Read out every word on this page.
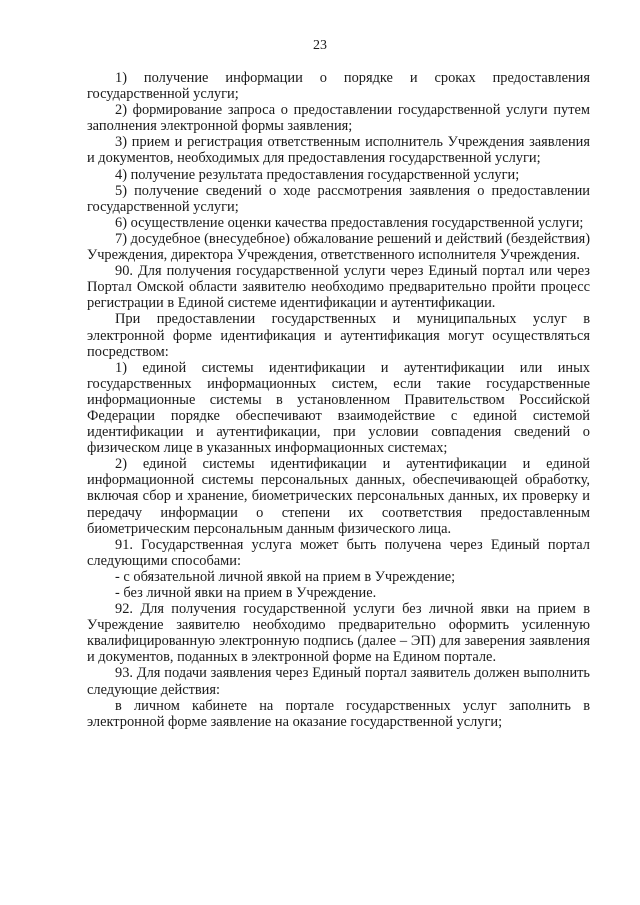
23

1) получение информации о порядке и сроках предоставления государственной услуги;

2) формирование запроса о предоставлении государственной услуги путем заполнения электронной формы заявления;

3) прием и регистрация ответственным исполнитель Учреждения заявления и документов, необходимых для предоставления государственной услуги;

4) получение результата предоставления государственной услуги;

5) получение сведений о ходе рассмотрения заявления о предоставлении государственной услуги;

6) осуществление оценки качества предоставления государственной услуги;

7) досудебное (внесудебное) обжалование решений и действий (бездействия) Учреждения, директора Учреждения, ответственного исполнителя Учреждения.

90. Для получения государственной услуги через Единый портал или через Портал Омской области заявителю необходимо предварительно пройти процесс регистрации в Единой системе идентификации и аутентификации.

При предоставлении государственных и муниципальных услуг в электронной форме идентификация и аутентификация могут осуществляться посредством:

1) единой системы идентификации и аутентификации или иных государственных информационных систем, если такие государственные информационные системы в установленном Правительством Российской Федерации порядке обеспечивают взаимодействие с единой системой идентификации и аутентификации, при условии совпадения сведений о физическом лице в указанных информационных системах;

2) единой системы идентификации и аутентификации и единой информационной системы персональных данных, обеспечивающей обработку, включая сбор и хранение, биометрических персональных данных, их проверку и передачу информации о степени их соответствия предоставленным биометрическим персональным данным физического лица.

91. Государственная услуга может быть получена через Единый портал следующими способами:

- с обязательной личной явкой на прием в Учреждение;

- без личной явки на прием в Учреждение.

92. Для получения государственной услуги без личной явки на прием в Учреждение заявителю необходимо предварительно оформить усиленную квалифицированную электронную подпись (далее – ЭП) для заверения заявления и документов, поданных в электронной форме на Едином портале.

93. Для подачи заявления через Единый портал заявитель должен выполнить следующие действия:

в личном кабинете на портале государственных услуг заполнить в электронной форме заявление на оказание государственной услуги;
